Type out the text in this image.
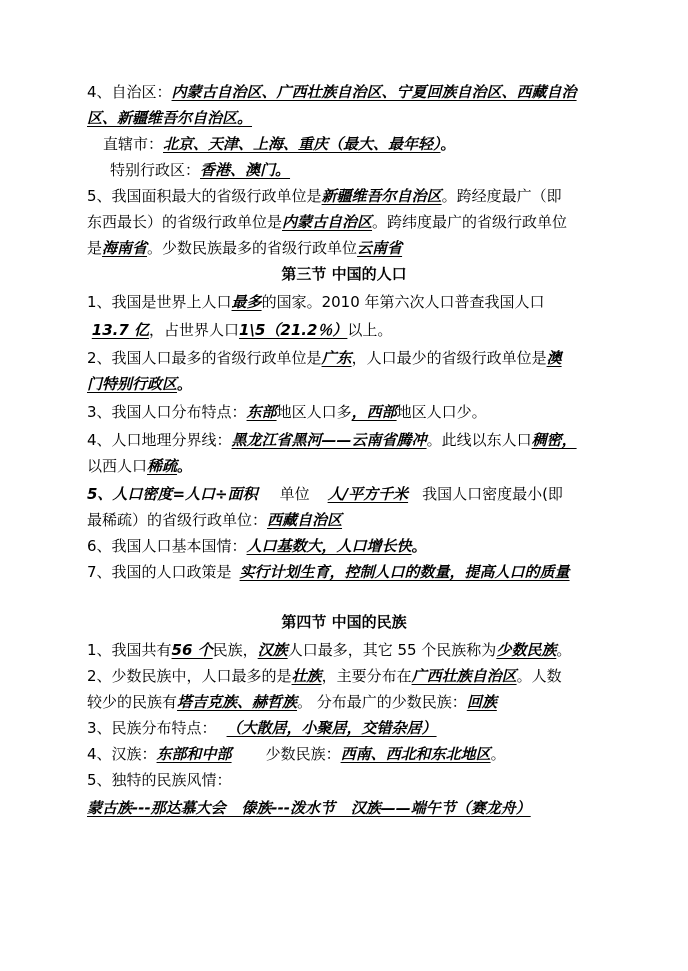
4、自治区：内蒙古自治区、广西壮族自治区、宁夏回族自治区、西藏自治
区、新疆维吾尔自治区。
直辖市：北京、天津、上海、重庆（最大、最年轻）。
特别行政区：香港、澳门。
5、我国面积最大的省级行政单位是新疆维吾尔自治区。跨经度最广（即
东西最长）的省级行政单位是内蒙古自治区。跨纬度最广的省级行政单位
是海南省。少数民族最多的省级行政单位云南省
第三节 中国的人口
1、我国是世界上人口最多的国家。2010 年第六次人口普查我国人口
13.7 亿，占世界人口1\5（21.2％）以上。
2、我国人口最多的省级行政单位是广东，人口最少的省级行政单位是澳
门特别行政区。
3、我国人口分布特点：东部地区人口多，西部地区人口少。
4、人口地理分界线：黑龙江省黑河——云南省腾冲。此线以东人口稠密，
以西人口稀疏。
5、人口密度=人口÷面积 单位 人/平方千米 我国人口密度最小(即
最稀疏）的省级行政单位：西藏自治区
6、我国人口基本国情：人口基数大，人口增长快。
7、我国的人口政策是 实行计划生育，控制人口的数量，提高人口的质量
第四节 中国的民族
1、我国共有56 个民族，汉族人口最多，其它 55 个民族称为少数民族。
2、少数民族中，人口最多的是壮族，主要分布在广西壮族自治区。人数
较少的民族有塔吉克族、赫哲族。 分布最广的少数民族：回族
3、民族分布特点： （大散居，小聚居，交错杂居）
4、汉族：东部和中部 少数民族：西南、西北和东北地区。
5、独特的民族风情：
蒙古族---那达慕大会   傣族---泼水节   汉族——端午节（赛龙舟）
